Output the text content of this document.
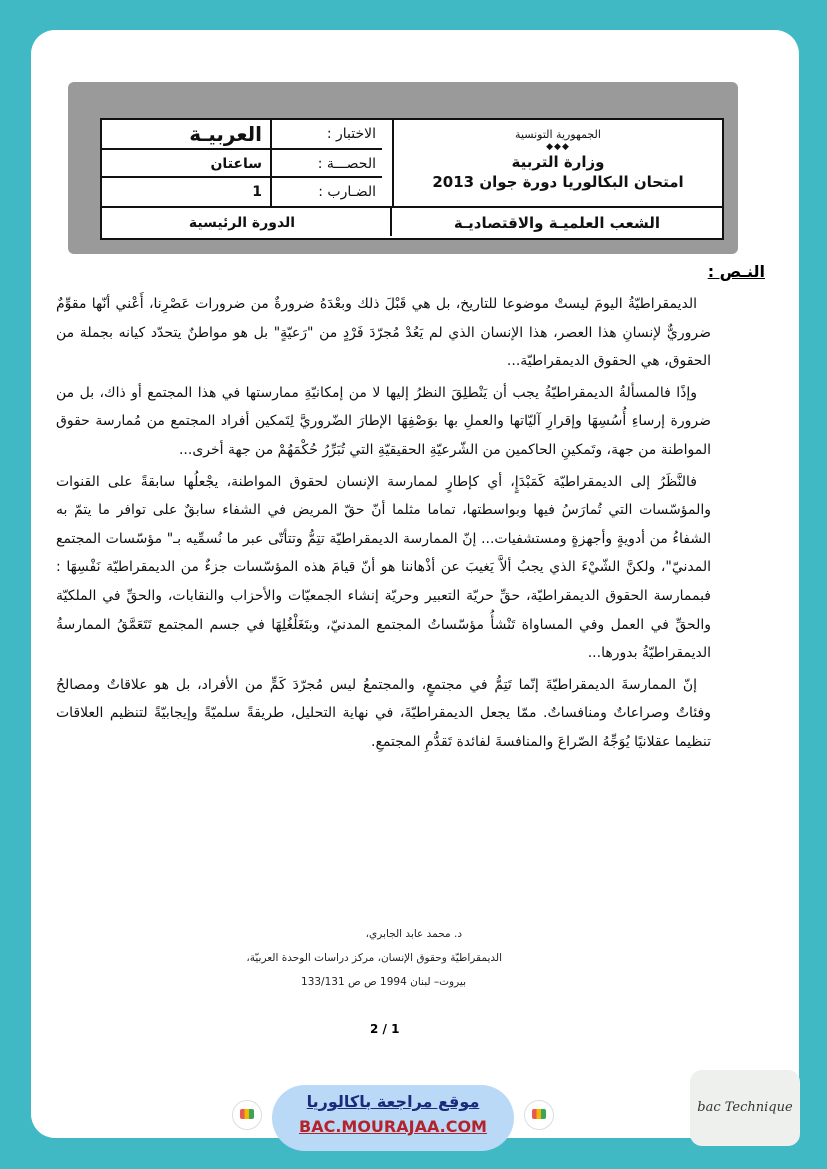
الجمهورية التونسية
◆◆◆
وزارة التربية
امتحان البكالوريا دورة جوان 2013
الاختبار :
العربيـة
الحصـــة :
ساعتان
الضـارب :
1
الشعب العلميـة والاقتصاديـة
الدورة الرئيسية
النـص :

الديمقراطيّةُ اليومَ ليستْ موضوعا للتاريخ، بل هي قَبْلَ ذلك وبعْدَهُ ضرورةٌ من ضرورات عَصْرِنا، أَعْني أنّها مقوِّمٌ ضروريٌّ لإنسانِ هذا العصر، هذا الإنسان الذي لم يَعُدْ مُجرّدَ فَرْدٍ من "رَعيّةٍ" بل هو مواطنٌ يتحدّد كيانه بجملة من الحقوق، هي الحقوق الديمقراطيّة...

وإذًا فالمسألةُ الديمقراطيّةُ يجب أن يَنْطلِقَ النظرُ إليها لا من إمكانيّةِ ممارستها في هذا المجتمع أو ذاك، بل من ضرورة إرساءِ أُسُسِهَا وإقرارِ آليّاتها والعملِ بها بوَصْفِهَا الإطارَ الضّروريَّ لِتَمكين أفراد المجتمع من مُمارسة حقوق المواطنة من جهة، وتَمكينِ الحاكمين من الشّرعيّةِ الحقيقيّةِ التي تُبَرِّرُ حُكْمَهُمْ من جهة أخرى...

فالنَّظَرُ إلى الديمقراطيّة كَمَبْدَإٍ، أي كإطارٍ لممارسة الإنسان لحقوق المواطنة، يجْعلُها سابقةً على القنوات والمؤسّسات التي تُمارَسُ فيها وبواسطتها، تماما مثلما أنّ حقّ المريض في الشفاء سابقٌ على توافر ما يتمّ به الشفاءُ من أدويةٍ وأجهزةٍ ومستشفيات... إنّ الممارسة الديمقراطيّة تتِمُّ وتتأتّى عبر ما نُسمِّيه بـ" مؤسّسات المجتمع المدنيّ"، ولكنَّ الشّيْءَ الذي يجبُ ألاَّ يَغيبَ عن أذْهاننا هو أنّ قيامَ هذه المؤسّسات جزءٌ من الديمقراطيّة نَفْسِهَا : فبممارسة الحقوق الديمقراطيّة، حقِّ حريّة التعبير وحريّة إنشاء الجمعيّات والأحزاب والنقابات، والحقِّ في الملكيّة والحقِّ في العمل وفي المساواة تَنْشأُ مؤسّساتُ المجتمع المدنيّ، وبتَغَلْغُلِهَا في جسم المجتمع تَتَعَمَّقُ الممارسةُ الديمقراطيّةُ بدورها...

إنّ الممارسةَ الديمقراطيّةَ إنّما تَتِمُّ في مجتمعٍ، والمجتمعُ ليس مُجرّدَ كَمٍّ من الأفراد، بل هو علاقاتٌ ومصالحُ وفئاتٌ وصراعاتٌ ومنافساتٌ. ممّا يجعل الديمقراطيّةَ، في نهاية التحليل، طريقةً سلميّةً وإيجابيّةً لتنظيم العلاقات تنظيما عقلانيًا يُوَجِّهُ الصّراعَ والمنافسةَ لفائدة تَقدُّمِ المجتمعِ.

د. محمد عابد الجابري،
الديمقراطيّة وحقوق الإنسان، مركز دراسات الوحدة العربيّة،
بيروت– لبنان 1994 ص ص 133/131
2 / 1
موقع مراجعة باكالوريا
BAC.MOURAJAA.COM
bac Technique
